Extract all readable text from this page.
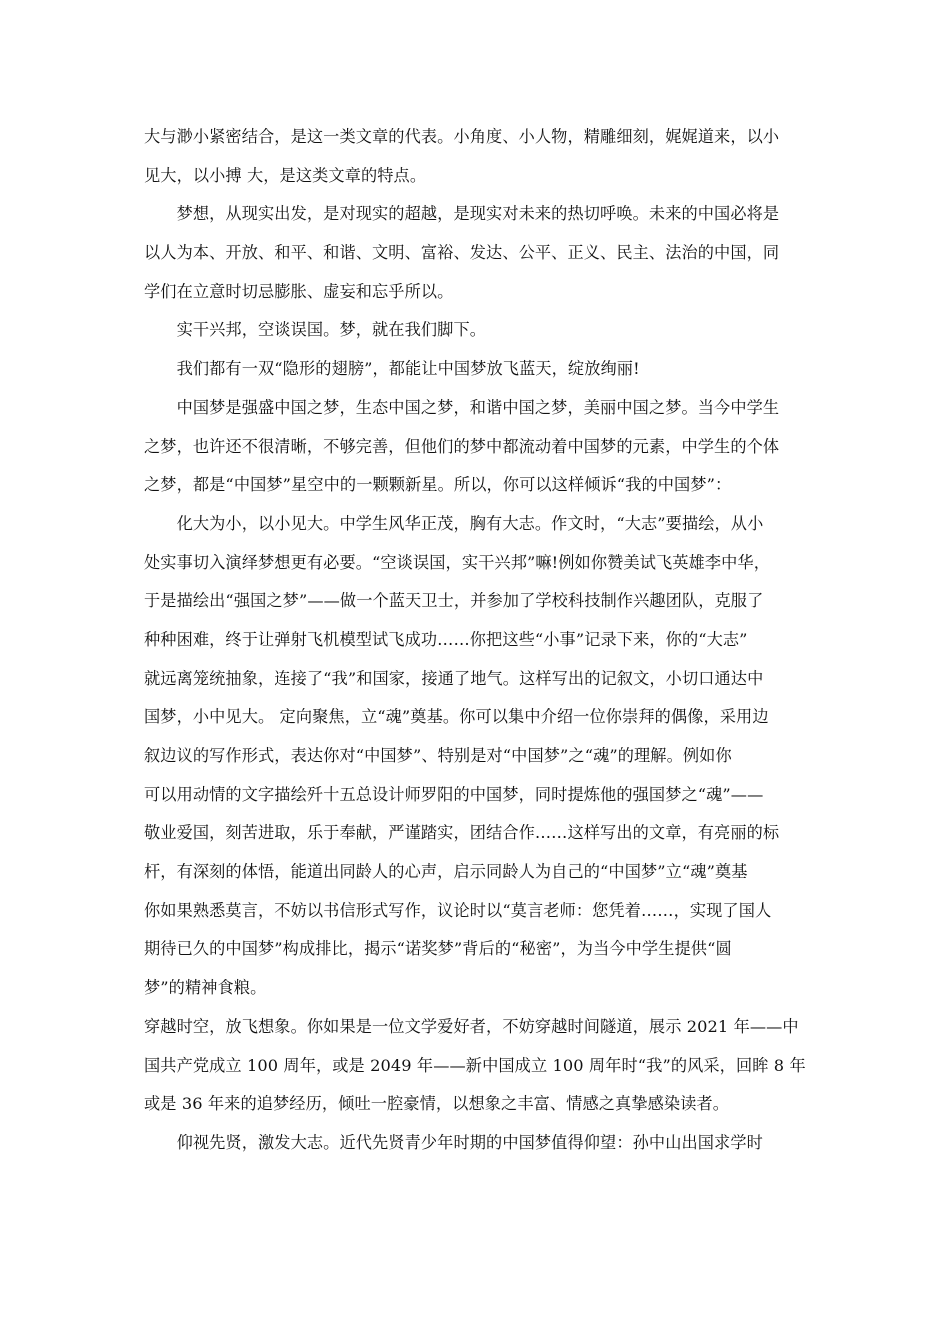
大与渺小紧密结合，是这一类文章的代表。小角度、小人物，精雕细刻，娓娓道来，以小
见大，以小搏 大，是这类文章的特点。
　　梦想，从现实出发，是对现实的超越，是现实对未来的热切呼唤。未来的中国必将是
以人为本、开放、和平、和谐、文明、富裕、发达、公平、正义、民主、法治的中国，同
学们在立意时切忌膨胀、虚妄和忘乎所以。
　　实干兴邦，空谈误国。梦，就在我们脚下。
　　我们都有一双“隐形的翅膀”，都能让中国梦放飞蓝天，绽放绚丽!
　　中国梦是强盛中国之梦，生态中国之梦，和谐中国之梦，美丽中国之梦。当今中学生
之梦，也许还不很清晰，不够完善，但他们的梦中都流动着中国梦的元素，中学生的个体
之梦，都是“中国梦”星空中的一颗颗新星。所以，你可以这样倾诉“我的中国梦”：
　　化大为小，以小见大。中学生风华正茂，胸有大志。作文时，“大志”要描绘，从小
处实事切入演绎梦想更有必要。“空谈误国，实干兴邦”嘛!例如你赞美试飞英雄李中华，
于是描绘出“强国之梦”——做一个蓝天卫士，并参加了学校科技制作兴趣团队，克服了
种种困难，终于让弹射飞机模型试飞成功……你把这些“小事”记录下来，你的“大志”
就远离笼统抽象，连接了“我”和国家，接通了地气。这样写出的记叙文，小切口通达中
国梦，小中见大。 定向聚焦，立“魂”奠基。你可以集中介绍一位你崇拜的偶像，采用边
叙边议的写作形式，表达你对“中国梦”、特别是对“中国梦”之“魂”的理解。例如你
可以用动情的文字描绘歼十五总设计师罗阳的中国梦，同时提炼他的强国梦之“魂”——
敬业爱国，刻苦进取，乐于奉献，严谨踏实，团结合作……这样写出的文章，有亮丽的标
杆，有深刻的体悟，能道出同龄人的心声，启示同龄人为自己的“中国梦”立“魂”奠基
你如果熟悉莫言，不妨以书信形式写作，议论时以“莫言老师：您凭着……，实现了国人
期待已久的中国梦”构成排比，揭示“诺奖梦”背后的“秘密”，为当今中学生提供“圆
梦”的精神食粮。
穿越时空，放飞想象。你如果是一位文学爱好者，不妨穿越时间隧道，展示 2021 年——中
国共产党成立 100 周年，或是 2049 年——新中国成立 100 周年时“我”的风采，回眸 8 年
或是 36 年来的追梦经历，倾吐一腔豪情，以想象之丰富、情感之真挚感染读者。
　　仰视先贤，激发大志。近代先贤青少年时期的中国梦值得仰望：孙中山出国求学时
